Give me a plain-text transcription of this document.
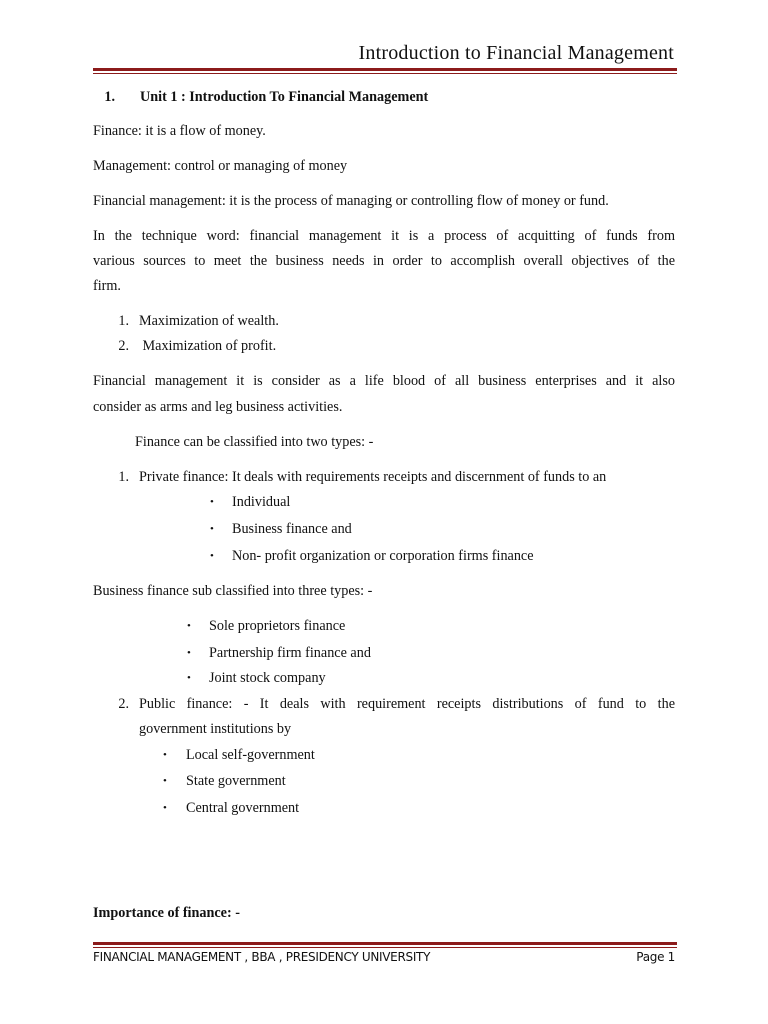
Introduction to Financial Management
1. Unit 1 : Introduction To Financial Management
Finance: it is a flow of money.
Management: control or managing of money
Financial management: it is the process of managing or controlling flow of money or fund.
In the technique word: financial management it is a process of acquitting of funds from
various sources to meet the business needs in order to accomplish overall objectives of the
firm.
1. Maximization of wealth.
2. Maximization of profit.
Financial management it is consider as a life blood of all business enterprises and it also
consider as arms and leg business activities.
Finance can be classified into two types: -
1. Private finance: It deals with requirements receipts and discernment of funds to an
• Individual
• Business finance and
• Non- profit organization or corporation firms finance
Business finance sub classified into three types: -
• Sole proprietors finance
• Partnership firm finance and
• Joint stock company
2. Public finance: - It deals with requirement receipts distributions of fund to the
government institutions by
• Local self-government
• State government
• Central government
Importance of finance: -
FINANCIAL MANAGEMENT , BBA , PRESIDENCY UNIVERSITY	Page 1
